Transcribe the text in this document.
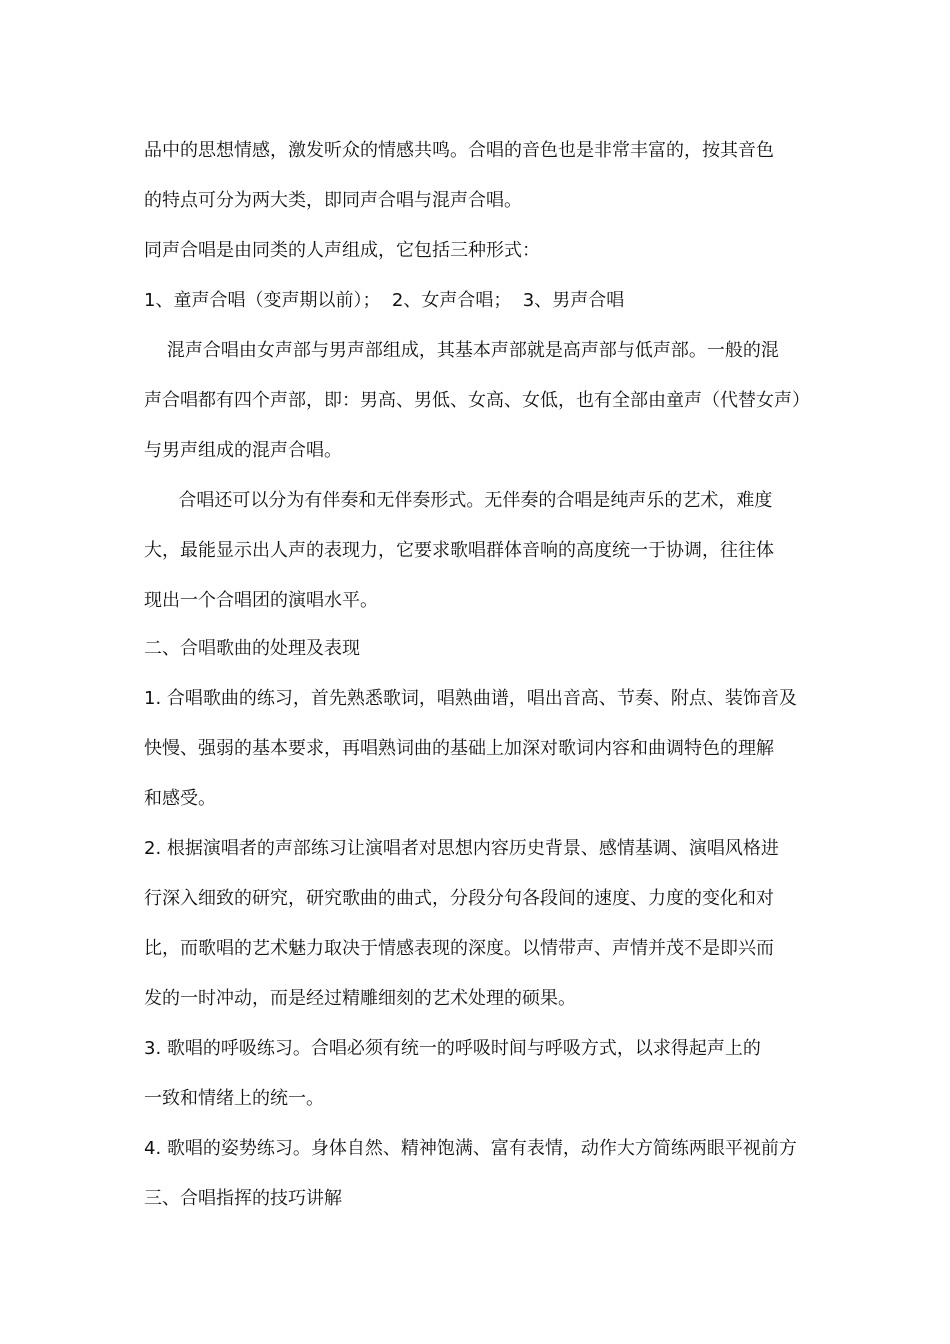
品中的思想情感，激发听众的情感共鸣。合唱的音色也是非常丰富的，按其音色
的特点可分为两大类，即同声合唱与混声合唱。
同声合唱是由同类的人声组成，它包括三种形式：
1、童声合唱（变声期以前）；  2、女声合唱；  3、男声合唱
混声合唱由女声部与男声部组成，其基本声部就是高声部与低声部。一般的混
声合唱都有四个声部，即：男高、男低、女高、女低，也有全部由童声（代替女声）
与男声组成的混声合唱。
合唱还可以分为有伴奏和无伴奏形式。无伴奏的合唱是纯声乐的艺术，难度
大，最能显示出人声的表现力，它要求歌唱群体音响的高度统一于协调，往往体
现出一个合唱团的演唱水平。
二、合唱歌曲的处理及表现
1. 合唱歌曲的练习，首先熟悉歌词，唱熟曲谱，唱出音高、节奏、附点、装饰音及
快慢、强弱的基本要求，再唱熟词曲的基础上加深对歌词内容和曲调特色的理解
和感受。
2. 根据演唱者的声部练习让演唱者对思想内容历史背景、感情基调、演唱风格进
行深入细致的研究，研究歌曲的曲式，分段分句各段间的速度、力度的变化和对
比，而歌唱的艺术魅力取决于情感表现的深度。以情带声、声情并茂不是即兴而
发的一时冲动，而是经过精雕细刻的艺术处理的硕果。
3. 歌唱的呼吸练习。合唱必须有统一的呼吸时间与呼吸方式，以求得起声上的
一致和情绪上的统一。
4. 歌唱的姿势练习。身体自然、精神饱满、富有表情，动作大方简练两眼平视前方
三、合唱指挥的技巧讲解
